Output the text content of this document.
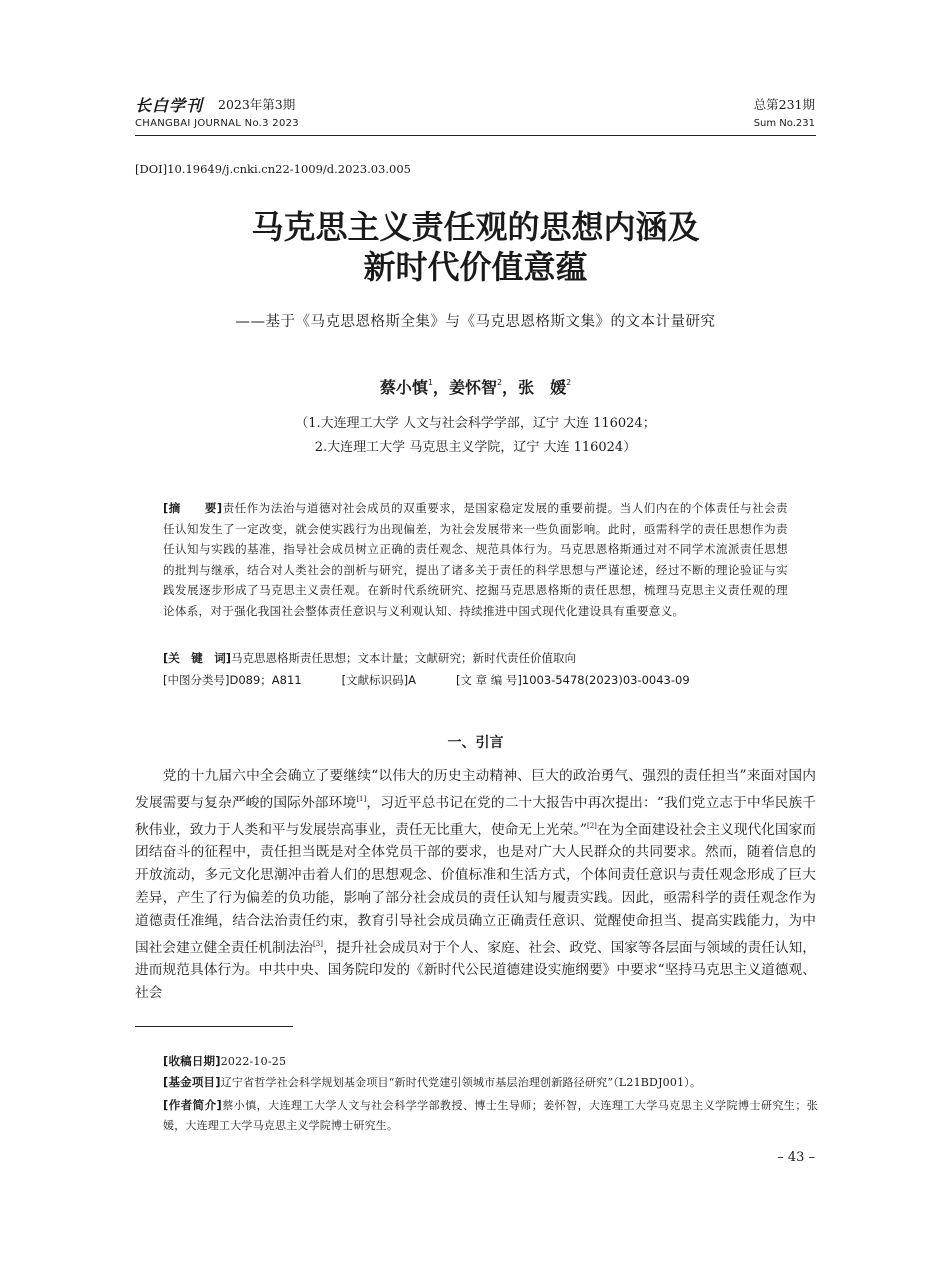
长白学刊 2023年第3期
CHANGBAI JOURNAL No.3 2023
总第231期
Sum No.231
[DOI]10.19649/j.cnki.cn22-1009/d.2023.03.005
马克思主义责任观的思想内涵及
新时代价值意蕴
——基于《马克思恩格斯全集》与《马克思恩格斯文集》的文本计量研究
蔡小慎$^1$，姜怀智$^2$，张　媛$^2$
（1.大连理工大学 人文与社会科学学部，辽宁 大连 116024；
2.大连理工大学 马克思主义学院，辽宁 大连 116024）
[摘　　要]责任作为法治与道德对社会成员的双重要求，是国家稳定发展的重要前提。当人们内在的个体责任与社会责任认知发生了一定改变，就会使实践行为出现偏差，为社会发展带来一些负面影响。此时，亟需科学的责任思想作为责任认知与实践的基准，指导社会成员树立正确的责任观念、规范具体行为。马克思恩格斯通过对不同学术流派责任思想的批判与继承，结合对人类社会的剖析与研究，提出了诸多关于责任的科学思想与严谨论述，经过不断的理论验证与实践发展逐步形成了马克思主义责任观。在新时代系统研究、挖掘马克思恩格斯的责任思想，梳理马克思主义责任观的理论体系，对于强化我国社会整体责任意识与义利观认知、持续推进中国式现代化建设具有重要意义。
[关　键　词]马克思恩格斯责任思想；文本计量；文献研究；新时代责任价值取向
[中图分类号]D089；A811	[文献标识码]A	[文 章 编 号]1003-5478(2023)03-0043-09
一、引言
　　党的十九届六中全会确立了要继续“以伟大的历史主动精神、巨大的政治勇气、强烈的责任担当”来面对国内发展需要与复杂严峻的国际外部环境[1]，习近平总书记在党的二十大报告中再次提出：“我们党立志于中华民族千秋伟业，致力于人类和平与发展崇高事业，责任无比重大，使命无上光荣。”[2]在为全面建设社会主义现代化国家而团结奋斗的征程中，责任担当既是对全体党员干部的要求，也是对广大人民群众的共同要求。然而，随着信息的开放流动，多元文化思潮冲击着人们的思想观念、价值标准和生活方式，个体间责任意识与责任观念形成了巨大差异，产生了行为偏差的负功能，影响了部分社会成员的责任认知与履责实践。因此，亟需科学的责任观念作为道德责任准绳，结合法治责任约束，教育引导社会成员确立正确责任意识、觉醒使命担当、提高实践能力，为中国社会建立健全责任机制法治[3]，提升社会成员对于个人、家庭、社会、政党、国家等各层面与领域的责任认知，进而规范具体行为。中共中央、国务院印发的《新时代公民道德建设实施纲要》中要求“坚持马克思主义道德观、社会
[收稿日期]2022-10-25
[基金项目]辽宁省哲学社会科学规划基金项目“新时代党建引领城市基层治理创新路径研究”（L21BDJ001）。
[作者简介]蔡小慎，大连理工大学人文与社会科学学部教授、博士生导师；姜怀智，大连理工大学马克思主义学院博士研究生；张媛，大连理工大学马克思主义学院博士研究生。
– 43 –
